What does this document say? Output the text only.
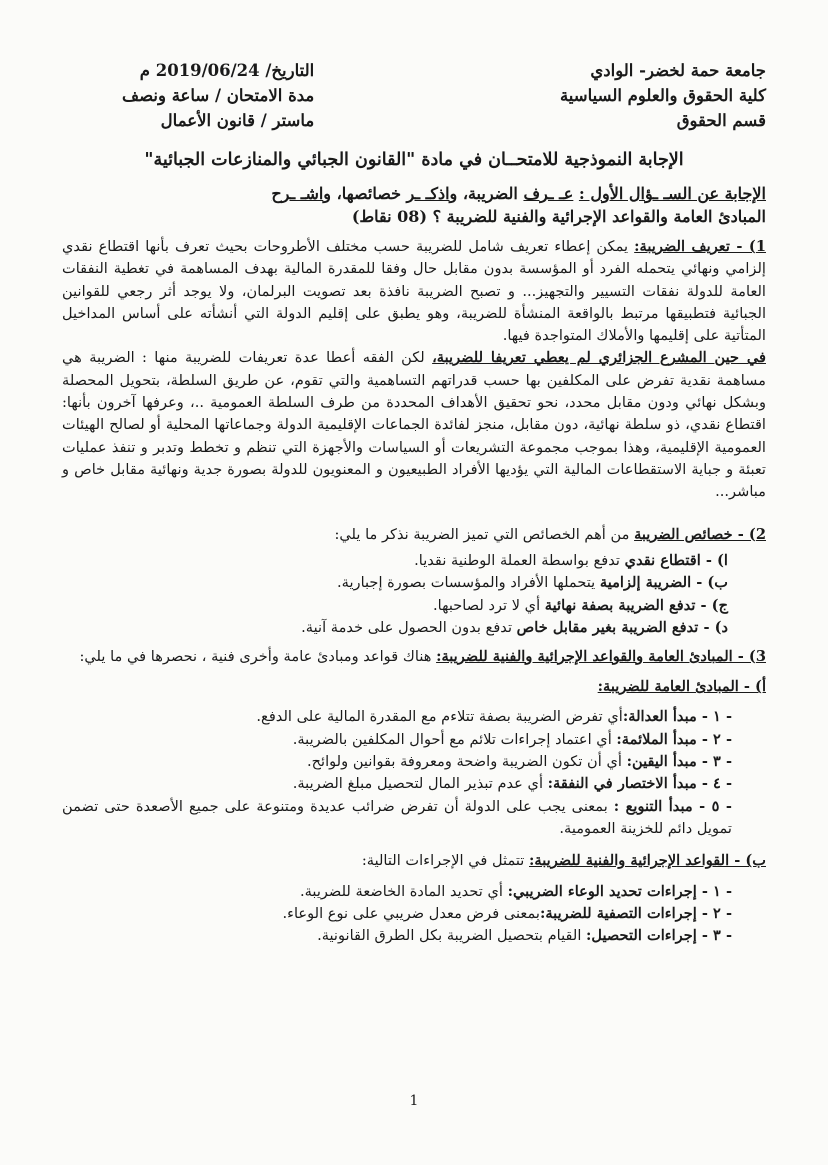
جامعة حمة لخضر- الوادي
كلية الحقوق والعلوم السياسية
قسم الحقوق
التاريخ/ 2019/06/24 م
مدة الامتحان / ساعة ونصف
ماستر / قانون الأعمال
الإجابة النموذجية للامتحــان في مادة "القانون الجبائي والمنازعات الجبائية"
الإجابة عن السـ ـؤال الأول : عـ ـرف الضريبة، واذكـ ـر خصائصها، واشـ ـرح
المبادئ العامة والقواعد الإجرائية والفنية للضريبة ؟ (08 نقاط)

1) - تعريف الضريبة: يمكن إعطاء تعريف شامل للضريبة حسب مختلف الأطروحات بحيث تعرف بأنها اقتطاع نقدي إلزامي ونهائي يتحمله الفرد أو المؤسسة بدون مقابل حال وفقا للمقدرة المالية بهدف المساهمة في تغطية النفقات العامة للدولة نفقات التسيير والتجهيز... و تصبح الضريبة نافذة بعد تصويت البرلمان، ولا يوجد أثر رجعي للقوانين الجبائية فتطبيقها مرتبط بالواقعة المنشأة للضريبة، وهو يطبق على إقليم الدولة التي أنشأته على أساس المداخيل المتأتية على إقليمها والأملاك المتواجدة فيها.

في حين المشرع الجزائري لم يعطي تعريفا للضريبة، لكن الفقه أعطا عدة تعريفات للضريبة منها : الضريبة هي مساهمة نقدية تفرض على المكلفين بها حسب قدراتهم التساهمية والتي تقوم، عن طريق السلطة، بتحويل المحصلة وبشكل نهائي ودون مقابل محدد، نحو تحقيق الأهداف المحددة من طرف السلطة العمومية ..، وعرفها آخرون بأنها: اقتطاع نقدي، ذو سلطة نهائية، دون مقابل، منجز لفائدة الجماعات الإقليمية الدولة وجماعاتها المحلية أو لصالح الهيئات العمومية الإقليمية، وهذا بموجب مجموعة التشريعات أو السياسات والأجهزة التي تنظم و تخطط وتدبر و تنفذ عمليات تعبئة و جباية الاستقطاعات المالية التي يؤديها الأفراد الطبيعيون و المعنويون للدولة بصورة جدية ونهائية مقابل خاص و مباشر...

2) - خصائص الضريبة من أهم الخصائص التي تميز الضريبة نذكر ما يلي:

ا) - اقتطاع نقدي تدفع بواسطة العملة الوطنية نقديا.

ب) - الضريبة إلزامية يتحملها الأفراد والمؤسسات بصورة إجبارية.

ج) - تدفع الضريبة بصفة نهائية أي لا ترد لصاحبها.

د) - تدفع الضريبة بغير مقابل خاص تدفع بدون الحصول على خدمة آنية.

3) - المبادئ العامة والقواعد الإجرائية والفنية للضريبة: هناك قواعد ومبادئ عامة وأخرى فنية ، نحصرها في ما يلي:

أ) - المبادئ العامة للضريبة:

- ١ - مبدأ العدالة:أي تفرض الضريبة بصفة تتلاءم مع المقدرة المالية على الدفع.

- ٢ - مبدأ الملائمة: أي اعتماد إجراءات تلائم مع أحوال المكلفين بالضريبة.

- ٣ - مبدأ اليقين: أي أن تكون الضريبة واضحة ومعروفة بقوانين ولوائح.

- ٤ - مبدأ الاختصار في النفقة: أي عدم تبذير المال لتحصيل مبلغ الضريبة.

- ٥ - مبدأ التنويع : بمعنى يجب على الدولة أن تفرض ضرائب عديدة ومتنوعة على جميع الأصعدة حتى تضمن تمويل دائم للخزينة العمومية.

ب) - القواعد الإجرائية والفنية للضريبة: تتمثل في الإجراءات التالية:

- ١ - إجراءات تحديد الوعاء الضريبي: أي تحديد المادة الخاضعة للضريبة.

- ٢ - إجراءات التصفية للضريبة:بمعنى فرض معدل ضريبي على نوع الوعاء.

- ٣ - إجراءات التحصيل: القيام بتحصيل الضريبة بكل الطرق القانونية.

1
